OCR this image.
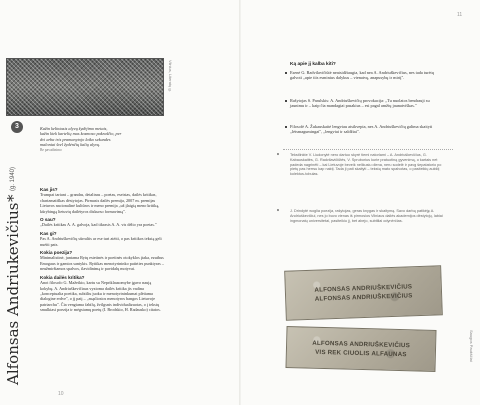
11
10
Vilnius, Literatų g.
3
Alfonsas Andriukevičius
*
(g. 1940)
Kažin kelintasis alyvų žydėjimo metais,
kažin kiek kartelių mus kosmoso pakraščio, per
dvi arba tris pramanytojo laiko sekundes
maloniai švel žydėnčių kalių alyvų.
Be pavadinimo
Kas jis?

Trumpai tariant – grandas, detalinas – poetas, eseistas, dailės kritikas, charizmatiškas dėstytojas. Pirmasis dailės premija, 2007 m. premijas Lietuvos nacionalinė kultūros ir meno premija „už įlaigią meno kritiką, kūrybingą lietuvių dailėtyros diskurso formavimą".

O sau?

„Dailės kritikas A. A. galvoja, kad tikrasis A. A. vis dėlto yra poetas."

Kas gi?

Pas A. Andriuškevičių sūrraltis ar ese turi atėiti, o pas kritikos tekstą geli nuėiti pats.

Kokia poezija?

Minimalistinė, juntama Rytų estetinės ir poetinės otokyklos įtaka, ezutbus Emogaus ir gamtos santykis. Rytiikas menotyrininko patirties punktyras – neužmirštamos spalvos, ilavidinimą ir pavidalų motyvai.

Kokia dailės kritika?

Anot filosofo G. Mažeikio, kartu su Nepriklausomybe įgavo naują kokybę. A. Andriuškevičiaus vyzioma dailės kritika jis vadina „konceptualia poetika, subtiliu juoku ir menotyrininkumat plėtiama dialogine erdve", o jį patį – „mąsliosios menotyros bangos Lietuvoje patriarchu". Čia vengiama fabilų, žvilgsnis individualizuotas, o į tekstų smulkiasi poezija ir mėgstamų poetų (I. Brodskio, H. Radausko) citatos.

Ką apie jį kalba kiti?
Esenė G. Radvilavičiūtė neatsidžiaugia, kad nea A. Andriuškevičius, nes tada turėtų galvoti „apie tiis esminius dalykus – vienatvę, anapusybę ir mirtį".
Rašytojas S. Parulskis: A. Andriuškevičių provokacija: „Tu nuolatos bendrauji su jaunimu ir – kaip čia mandagiai pasakius – esi pagal amžių jaunatviškas."
Filosofė A. Žukauskaitė lengviau atsikvepia, nes A. Andriuškevičių galima skaityti „lėtsmagumingai", „lengviai ir saldžiai".
*	Tekstlinkte V. Liudonytė nero dartuo skyrė tiemi natorlami – A. Andriuškevičius, G. Kabauskaitės, G. Radvilavičiūtės, V. Spruborius kurie pratuotiną gyvenimą, o kartais net padeda nagrinėti – kai Lietuvoje beveik nelikusiu diena, neru sodelė ir pavg šepatatorio po pietų pas herrsu kap naktį. Tada ji pati skaityti – tekstą mato spalvotas, o pasiteikių aukštį kolektus-tobulas.
*	J. Drindytė woglia poezija, rašytojas, geras knygas ir skaitymą. Savo darbą patikėję A. Andriuškevičiui, nes jo buvo vienas iš pirmosios Vilniaus dailės akademijos dėstytojų, labiai ingmonatų universitetai, pasiteikiu jį, bet abejo, subtiliai odynėrčias.
ALFONSAS ANDRIUŠKEVIČIUS
ALFONSAS ANDRIUŠKEVIČIUS
ALFONSAS ANDRIUŠKEVIČIUS
VIS REK CIUOLIS ALFAUNAS	Saugos Paukščiai
